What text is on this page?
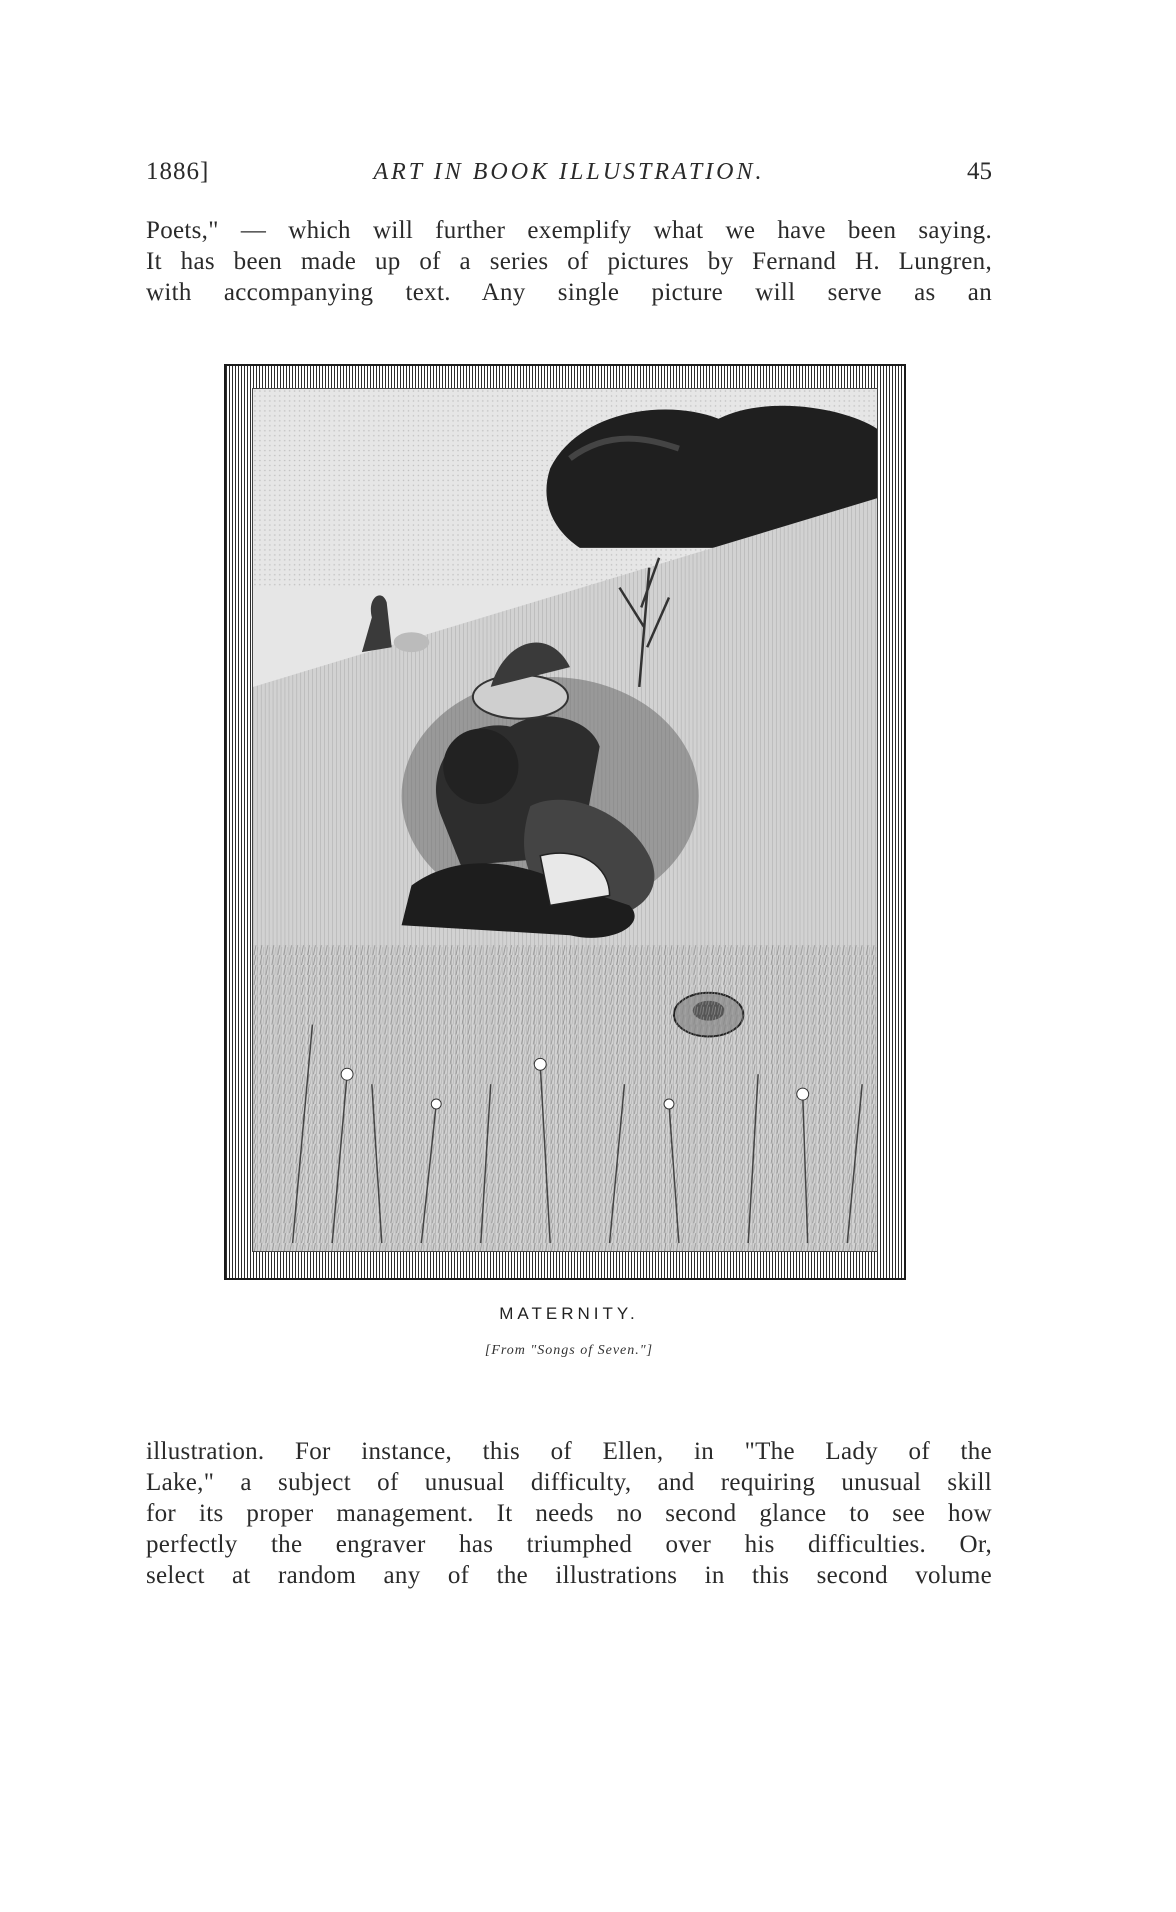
1886]	ART IN BOOK ILLUSTRATION.	45
Poets," — which will further exemplify what we have been saying.
It has been made up of a series of pictures by Fernand H. Lungren,
with accompanying text. Any single picture will serve as an
MATERNITY.
[From "Songs of Seven."]
illustration. For instance, this of Ellen, in "The Lady of the
Lake," a subject of unusual difficulty, and requiring unusual skill
for its proper management. It needs no second glance to see how
perfectly the engraver has triumphed over his difficulties. Or,
select at random any of the illustrations in this second volume
